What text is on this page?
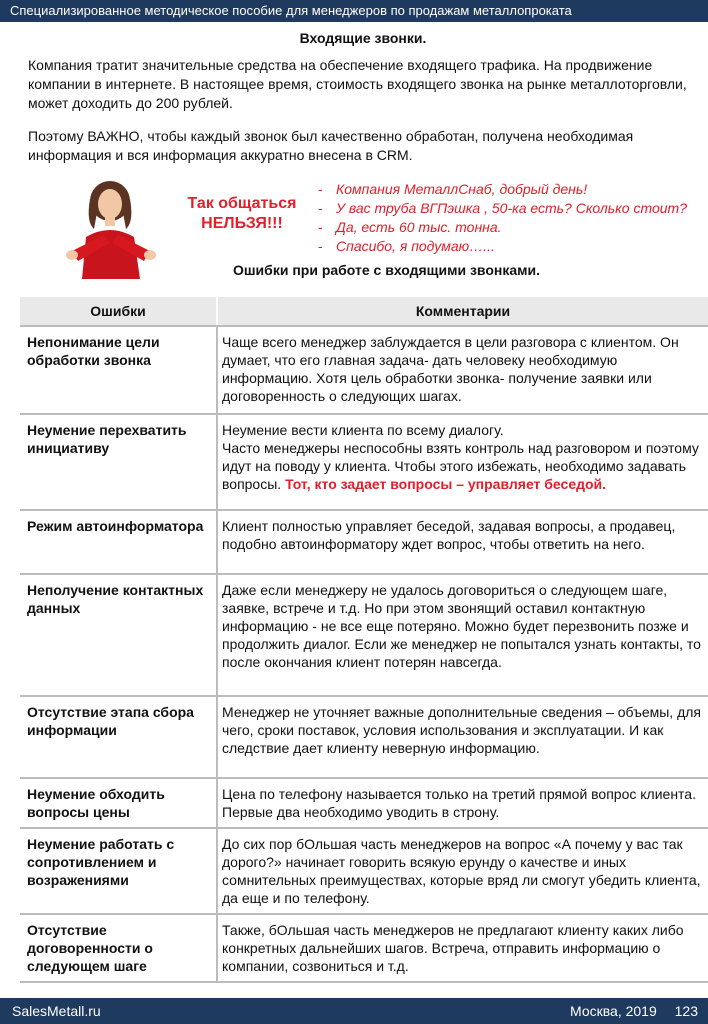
Специализированное методическое пособие для менеджеров по продажам металлопроката
Входящие звонки.

Компания тратит значительные средства на обеспечение входящего трафика. На продвижение компании в интернете. В настоящее время, стоимость входящего звонка на рынке металлоторговли, может доходить до 200 рублей.

Поэтому ВАЖНО, чтобы каждый звонок был качественно обработан, получена необходимая информация и вся информация аккуратно внесена в CRM.

Так общаться НЕЛЬЗЯ!!!
- Компания МеталлСнаб, добрый день!
- У вас труба ВГПэшка , 50-ка есть? Сколько стоит?
- Да, есть 60 тыс. тонна.
- Спасибо, я подумаю…...
Ошибки при работе с входящими звонками.
Ошибки	Комментарии
Непонимание цели обработки звонка	Чаще всего менеджер заблуждается в цели разговора с клиентом. Он думает, что его главная задача- дать человеку необходимую информацию. Хотя цель обработки звонка- получение заявки или договоренность о следующих шагах.
Неумение перехватить инициативу	Неумение вести клиента по всему диалогу.
Часто менеджеры неспособны взять контроль над разговором и поэтому идут на поводу у клиента. Чтобы этого избежать, необходимо задавать вопросы. Тот, кто задает вопросы – управляет беседой.
Режим автоинформатора	Клиент полностью управляет беседой, задавая вопросы, а продавец, подобно автоинформатору ждет вопрос, чтобы ответить на него.
Неполучение контактных данных	Даже если менеджеру не удалось договориться о следующем шаге, заявке, встрече и т.д. Но при этом звонящий оставил контактную информацию - не все еще потеряно. Можно будет перезвонить позже и продолжить диалог. Если же менеджер не попытался узнать контакты, то после окончания клиент потерян навсегда.
Отсутствие этапа сбора информации	Менеджер не уточняет важные дополнительные сведения – объемы, для чего, сроки поставок, условия использования и эксплуатации. И как следствие дает клиенту неверную информацию.
Неумение обходить вопросы цены	Цена по телефону называется только на третий прямой вопрос клиента. Первые два необходимо уводить в строну.
Неумение работать с сопротивлением и возражениями	До сих пор бОльшая часть менеджеров на вопрос «А почему у вас так дорого?» начинает говорить всякую ерунду о качестве и иных сомнительных преимуществах, которые вряд ли смогут убедить клиента, да еще и по телефону.
Отсутствие договоренности о следующем шаге	Также, бОльшая часть менеджеров не предлагают клиенту каких либо конкретных дальнейших шагов. Встреча, отправить информацию о компании, созвониться и т.д.
SalesMetall.ru	Москва, 2019 123
